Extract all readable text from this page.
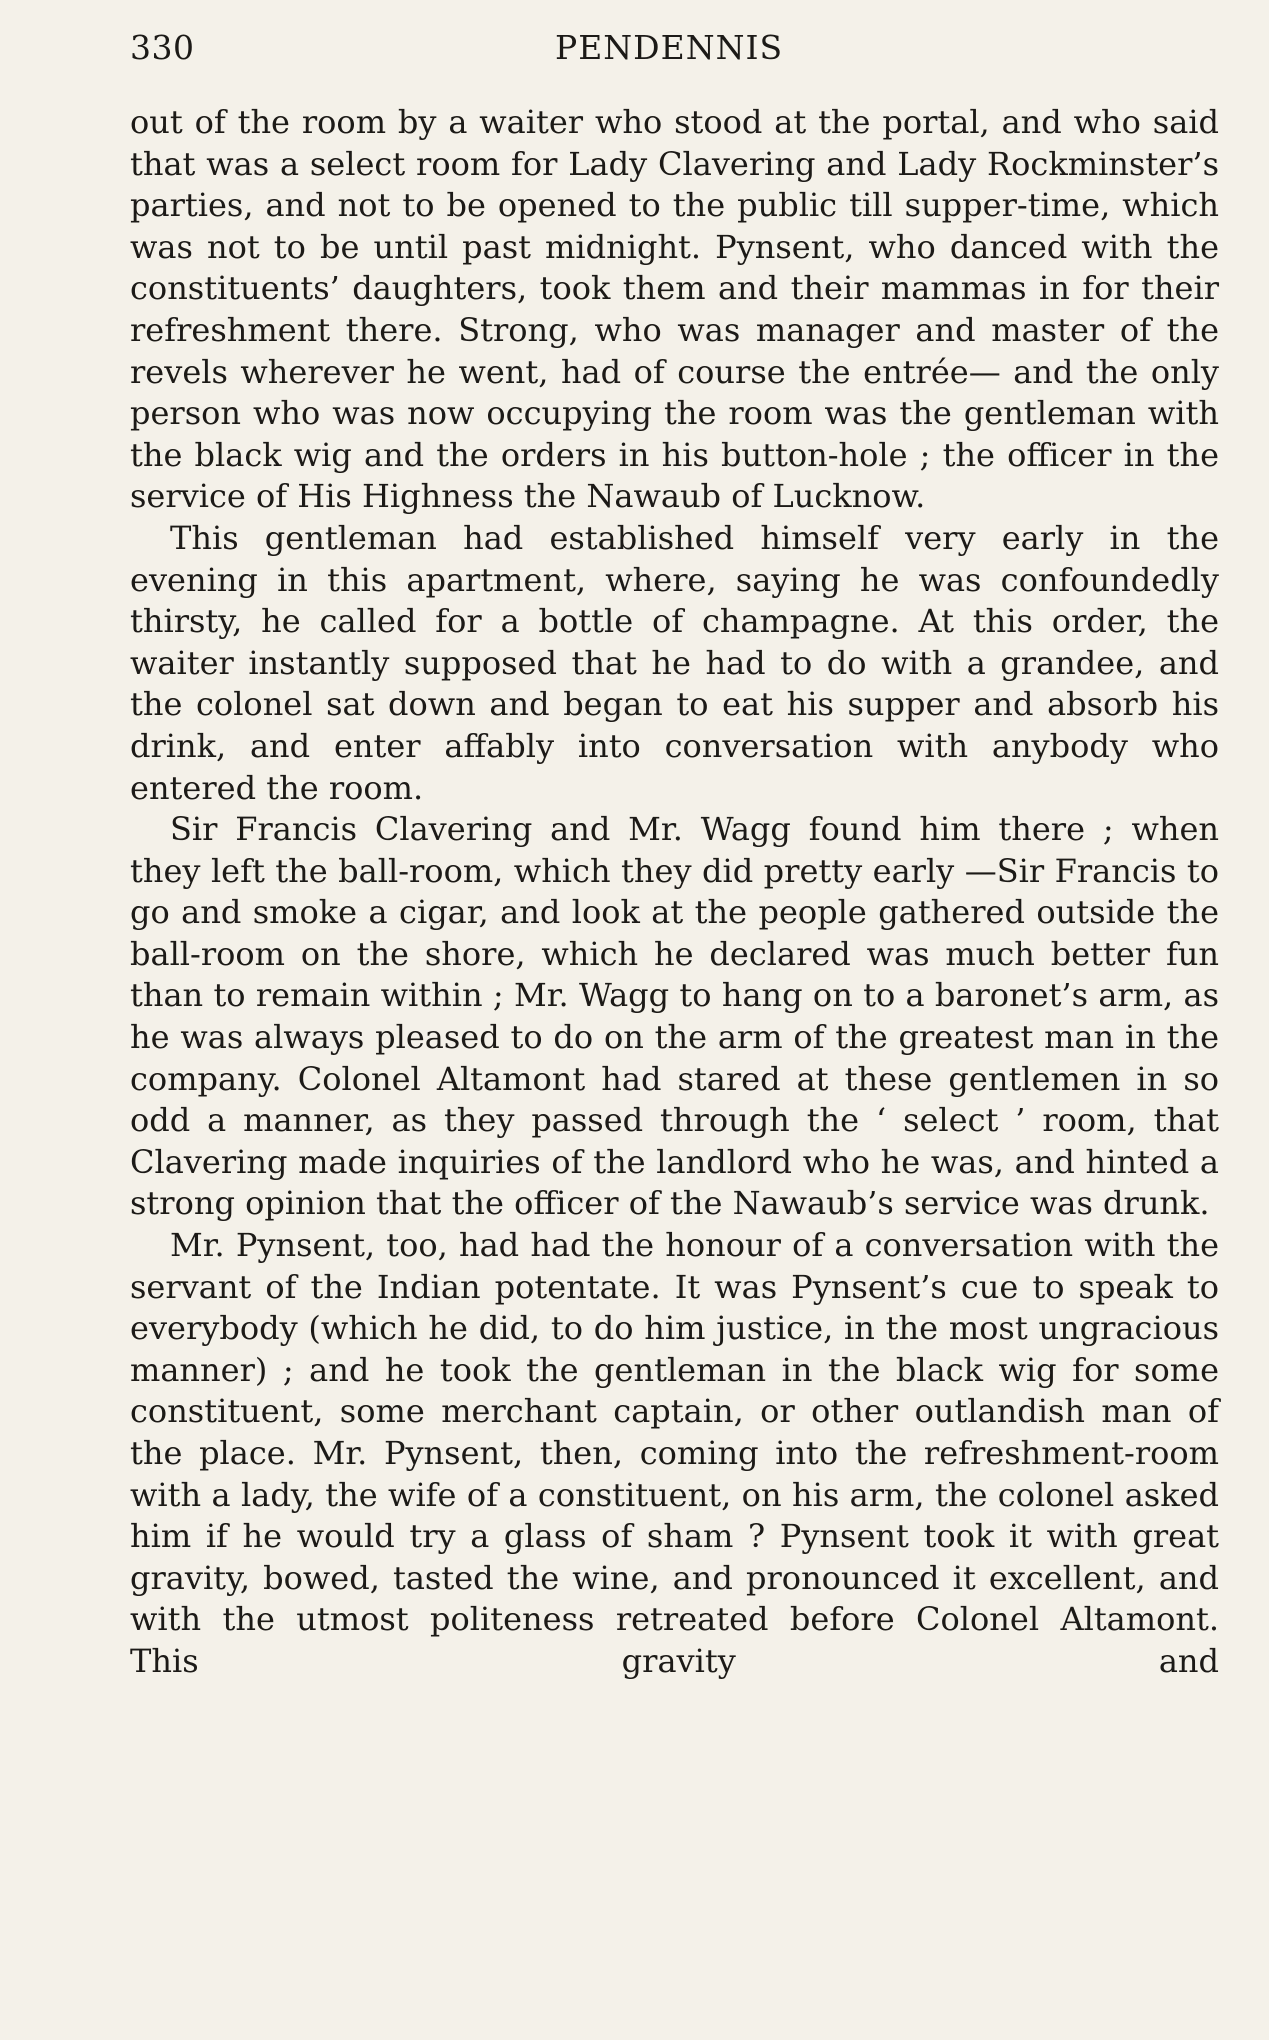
330	PENDENNIS

out of the room by a waiter who stood at the portal, and who said that was a select room for Lady Clavering and Lady Rockminster’s parties, and not to be opened to the public till supper-time, which was not to be until past midnight. Pynsent, who danced with the constituents’ daughters, took them and their mammas in for their refreshment there. Strong, who was manager and master of the revels wherever he went, had of course the entrée— and the only person who was now occupying the room was the gentleman with the black wig and the orders in his button-hole ; the officer in the service of His Highness the Nawaub of Lucknow.

This gentleman had established himself very early in the evening in this apartment, where, saying he was confoundedly thirsty, he called for a bottle of champagne. At this order, the waiter instantly supposed that he had to do with a grandee, and the colonel sat down and began to eat his supper and absorb his drink, and enter affably into conversation with anybody who entered the room.

Sir Francis Clavering and Mr. Wagg found him there ; when they left the ball-room, which they did pretty early —Sir Francis to go and smoke a cigar, and look at the people gathered outside the ball-room on the shore, which he declared was much better fun than to remain within ; Mr. Wagg to hang on to a baronet’s arm, as he was always pleased to do on the arm of the greatest man in the company. Colonel Altamont had stared at these gentlemen in so odd a manner, as they passed through the ‘ select ’ room, that Clavering made inquiries of the landlord who he was, and hinted a strong opinion that the officer of the Nawaub’s service was drunk.

Mr. Pynsent, too, had had the honour of a conversation with the servant of the Indian potentate. It was Pynsent’s cue to speak to everybody (which he did, to do him justice, in the most ungracious manner) ; and he took the gentleman in the black wig for some constituent, some merchant captain, or other outlandish man of the place. Mr. Pynsent, then, coming into the refreshment-room with a lady, the wife of a constituent, on his arm, the colonel asked him if he would try a glass of sham ? Pynsent took it with great gravity, bowed, tasted the wine, and pronounced it excellent, and with the utmost politeness retreated before Colonel Altamont. This gravity and
